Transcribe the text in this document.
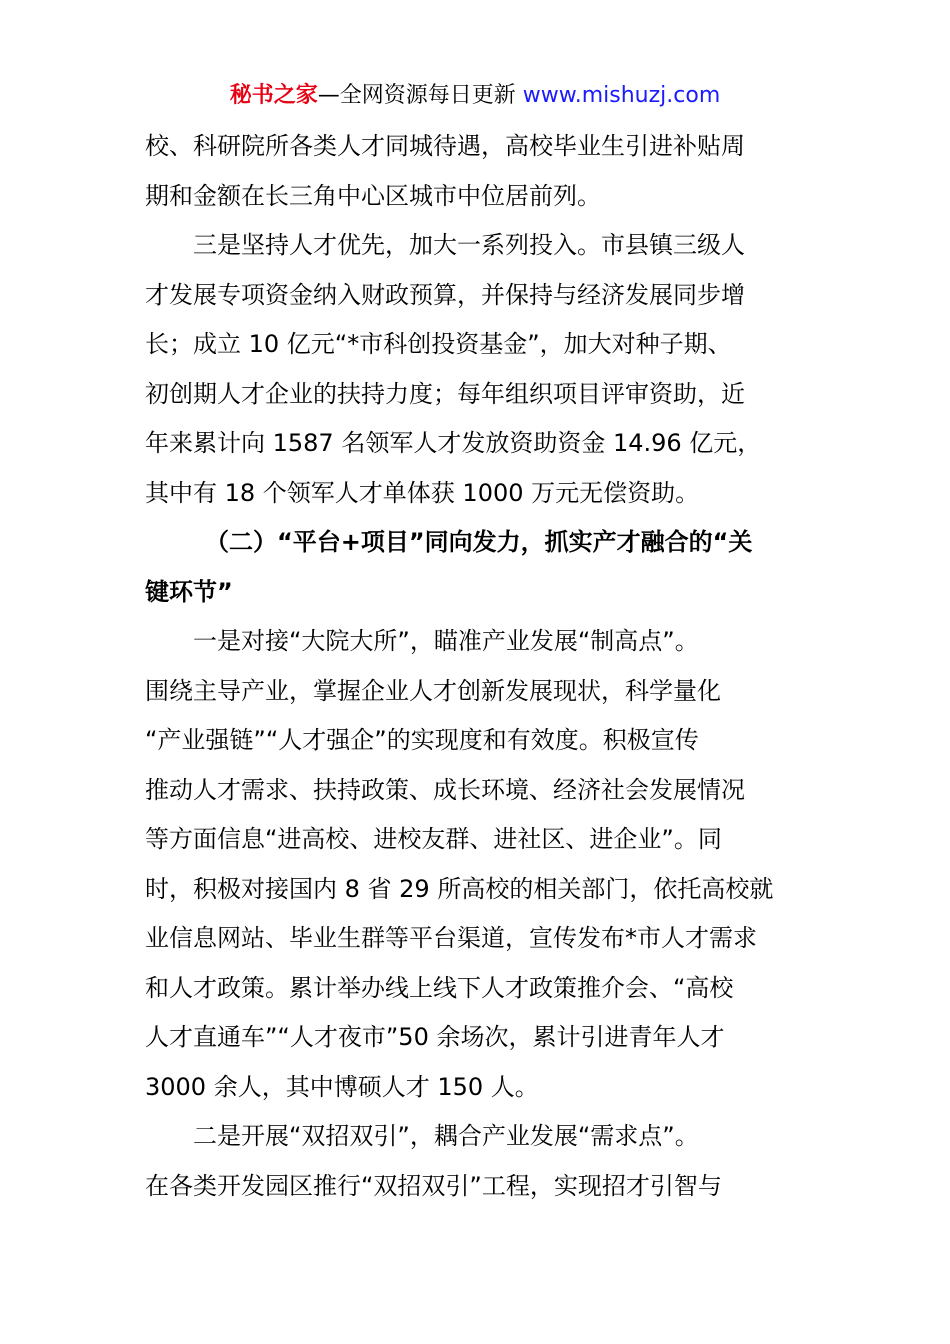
秘书之家—全网资源每日更新 www.mishuzj.com
校、科研院所各类人才同城待遇，高校毕业生引进补贴周
期和金额在长三角中心区城市中位居前列。
三是坚持人才优先，加大一系列投入。市县镇三级人
才发展专项资金纳入财政预算，并保持与经济发展同步增
长；成立 10 亿元“*市科创投资基金”，加大对种子期、
初创期人才企业的扶持力度；每年组织项目评审资助，近
年来累计向 1587 名领军人才发放资助资金 14.96 亿元，
其中有 18 个领军人才单体获 1000 万元无偿资助。
（二）“平台+项目”同向发力，抓实产才融合的“关
键环节”
一是对接“大院大所”，瞄准产业发展“制高点”。
围绕主导产业，掌握企业人才创新发展现状，科学量化
“产业强链”“人才强企”的实现度和有效度。积极宣传
推动人才需求、扶持政策、成长环境、经济社会发展情况
等方面信息“进高校、进校友群、进社区、进企业”。同
时，积极对接国内 8 省 29 所高校的相关部门，依托高校就
业信息网站、毕业生群等平台渠道，宣传发布*市人才需求
和人才政策。累计举办线上线下人才政策推介会、“高校
人才直通车”“人才夜市”50 余场次，累计引进青年人才
3000 余人，其中博硕人才 150 人。
二是开展“双招双引”，耦合产业发展“需求点”。
在各类开发园区推行“双招双引”工程，实现招才引智与
